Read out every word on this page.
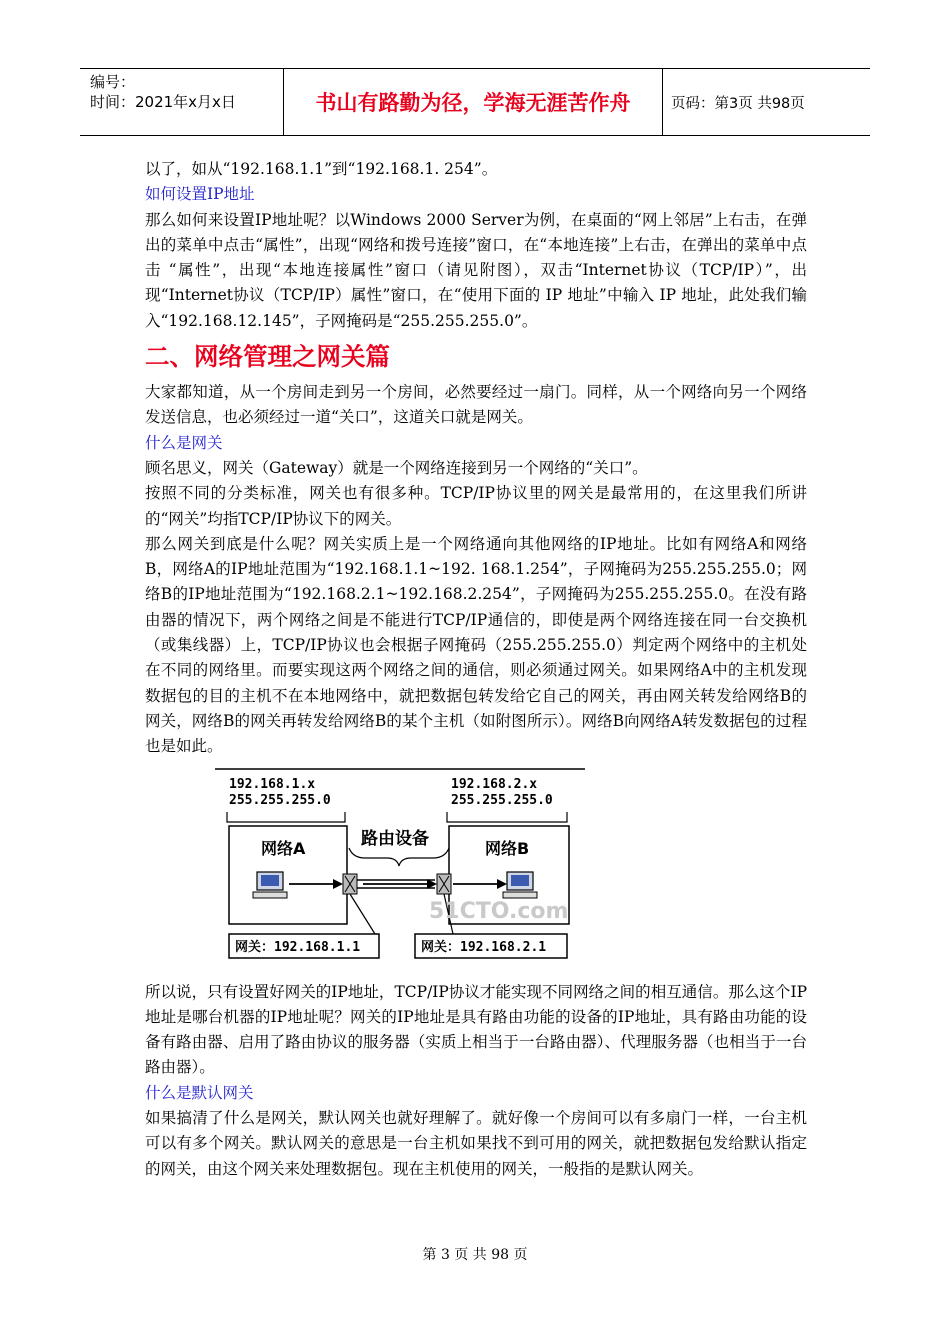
编号：
时间：2021年x月x日	书山有路勤为径，学海无涯苦作舟	页码：第3页 共98页

以了，如从“192.168.1.1”到“192.168.1. 254”。

如何设置IP地址

那么如何来设置IP地址呢？以Windows 2000 Server为例，在桌面的“网上邻居”上右击，在弹出的菜单中点击“属性”，出现“网络和拨号连接”窗口，在“本地连接”上右击，在弹出的菜单中点击 “属性”，出现“本地连接属性”窗口（请见附图），双击“Internet协议（TCP/IP）”，出现“Internet协议（TCP/IP）属性”窗口，在“使用下面的 IP 地址”中输入 IP 地址，此处我们输入“192.168.12.145”，子网掩码是“255.255.255.0”。

二、网络管理之网关篇

大家都知道，从一个房间走到另一个房间，必然要经过一扇门。同样，从一个网络向另一个网络发送信息，也必须经过一道“关口”，这道关口就是网关。

什么是网关

顾名思义，网关（Gateway）就是一个网络连接到另一个网络的“关口”。

按照不同的分类标准，网关也有很多种。TCP/IP协议里的网关是最常用的，在这里我们所讲的“网关”均指TCP/IP协议下的网关。

那么网关到底是什么呢？网关实质上是一个网络通向其他网络的IP地址。比如有网络A和网络 B，网络A的IP地址范围为“192.168.1.1~192. 168.1.254”，子网掩码为255.255.255.0；网络B的IP地址范围为“192.168.2.1~192.168.2.254”，子网掩码为255.255.255.0。在没有路由器的情况下，两个网络之间是不能进行TCP/IP通信的，即使是两个网络连接在同一台交换机（或集线器）上，TCP/IP协议也会根据子网掩码（255.255.255.0）判定两个网络中的主机处在不同的网络里。而要实现这两个网络之间的通信，则必须通过网关。如果网络A中的主机发现数据包的目的主机不在本地网络中，就把数据包转发给它自己的网关，再由网关转发给网络B的网关，网络B的网关再转发给网络B的某个主机（如附图所示）。网络B向网络A转发数据包的过程也是如此。

192.168.1.x
255.255.255.0
192.168.2.x
255.255.255.0
网络A	网络B
路由设备
51CTO.com
网关：192.168.1.1	网关：192.168.2.1

所以说，只有设置好网关的IP地址，TCP/IP协议才能实现不同网络之间的相互通信。那么这个IP地址是哪台机器的IP地址呢？网关的IP地址是具有路由功能的设备的IP地址，具有路由功能的设备有路由器、启用了路由协议的服务器（实质上相当于一台路由器）、代理服务器（也相当于一台路由器）。

什么是默认网关

如果搞清了什么是网关，默认网关也就好理解了。就好像一个房间可以有多扇门一样，一台主机可以有多个网关。默认网关的意思是一台主机如果找不到可用的网关，就把数据包发给默认指定的网关，由这个网关来处理数据包。现在主机使用的网关，一般指的是默认网关。

第 3 页 共 98 页
